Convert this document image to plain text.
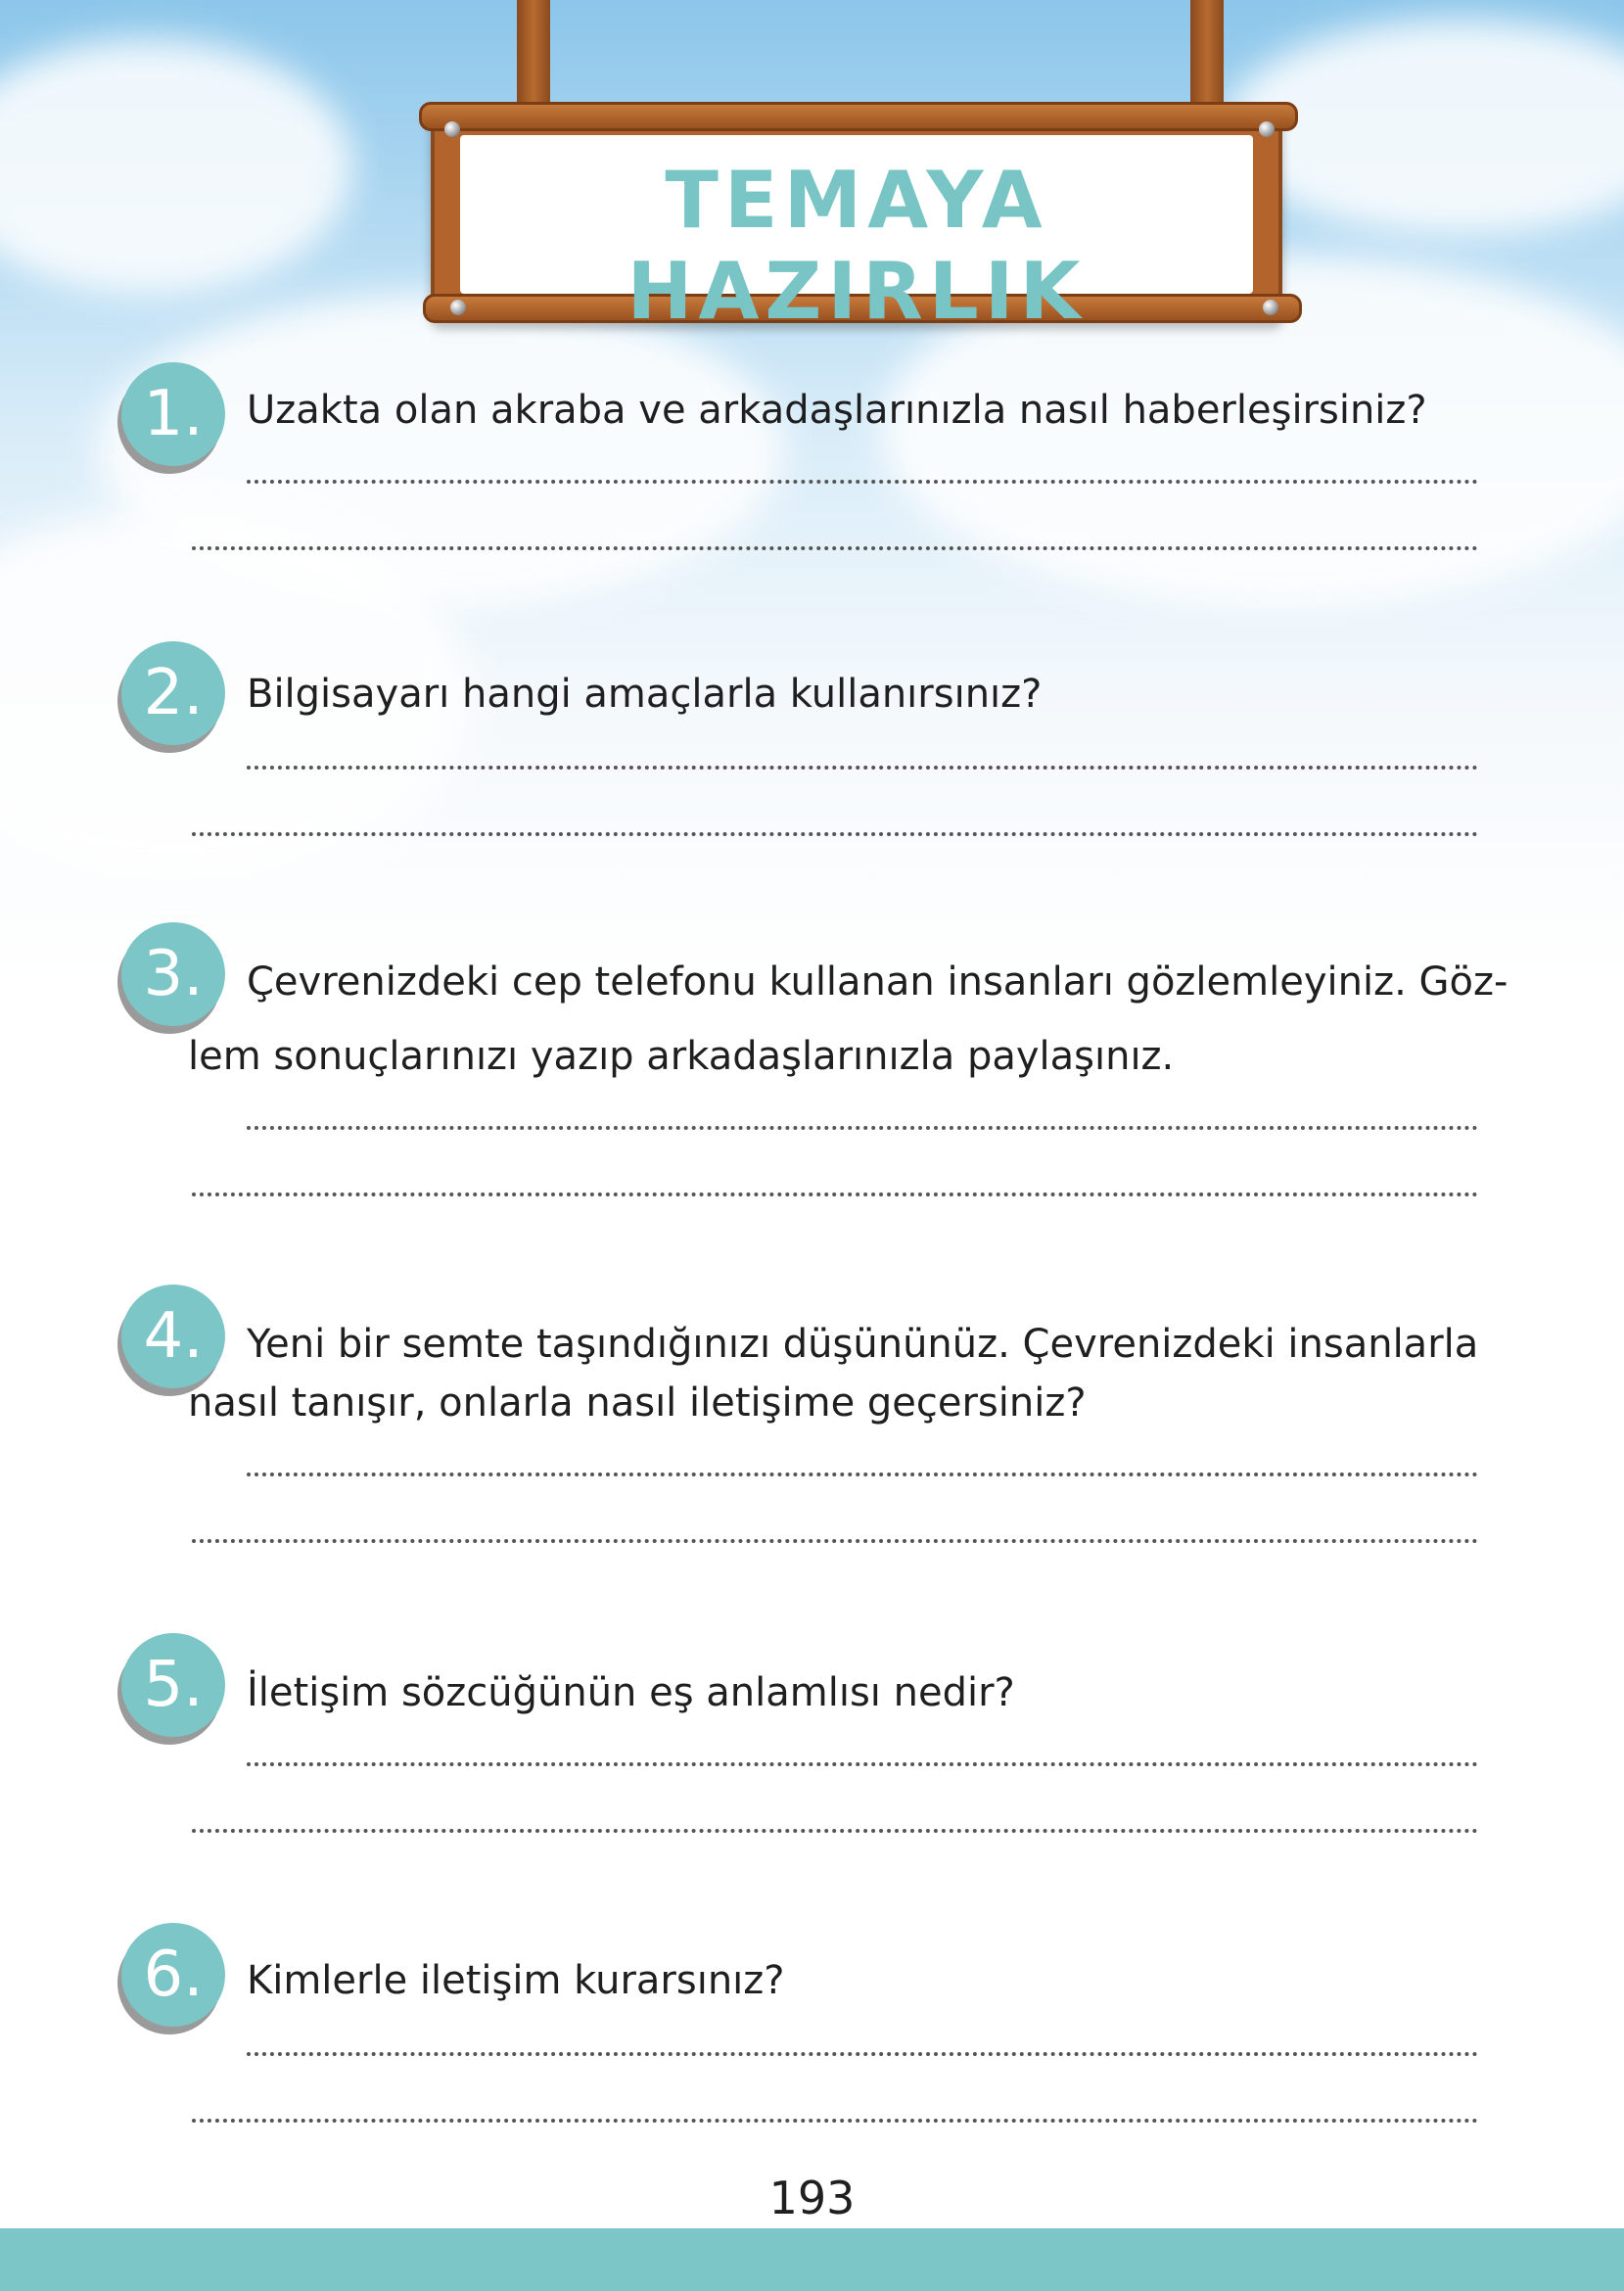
TEMAYA HAZIRLIK
1.	Uzakta olan akraba ve arkadaşlarınızla nasıl haberleşirsiniz?
2.	Bilgisayarı hangi amaçlarla kullanırsınız?
3.	Çevrenizdeki cep telefonu kullanan insanları gözlemleyiniz. Göz-
lem sonuçlarınızı yazıp arkadaşlarınızla paylaşınız.
4.	Yeni bir semte taşındığınızı düşününüz. Çevrenizdeki insanlarla
nasıl tanışır, onlarla nasıl iletişime geçersiniz?
5.	İletişim sözcüğünün eş anlamlısı nedir?
6.	Kimlerle iletişim kurarsınız?
193
